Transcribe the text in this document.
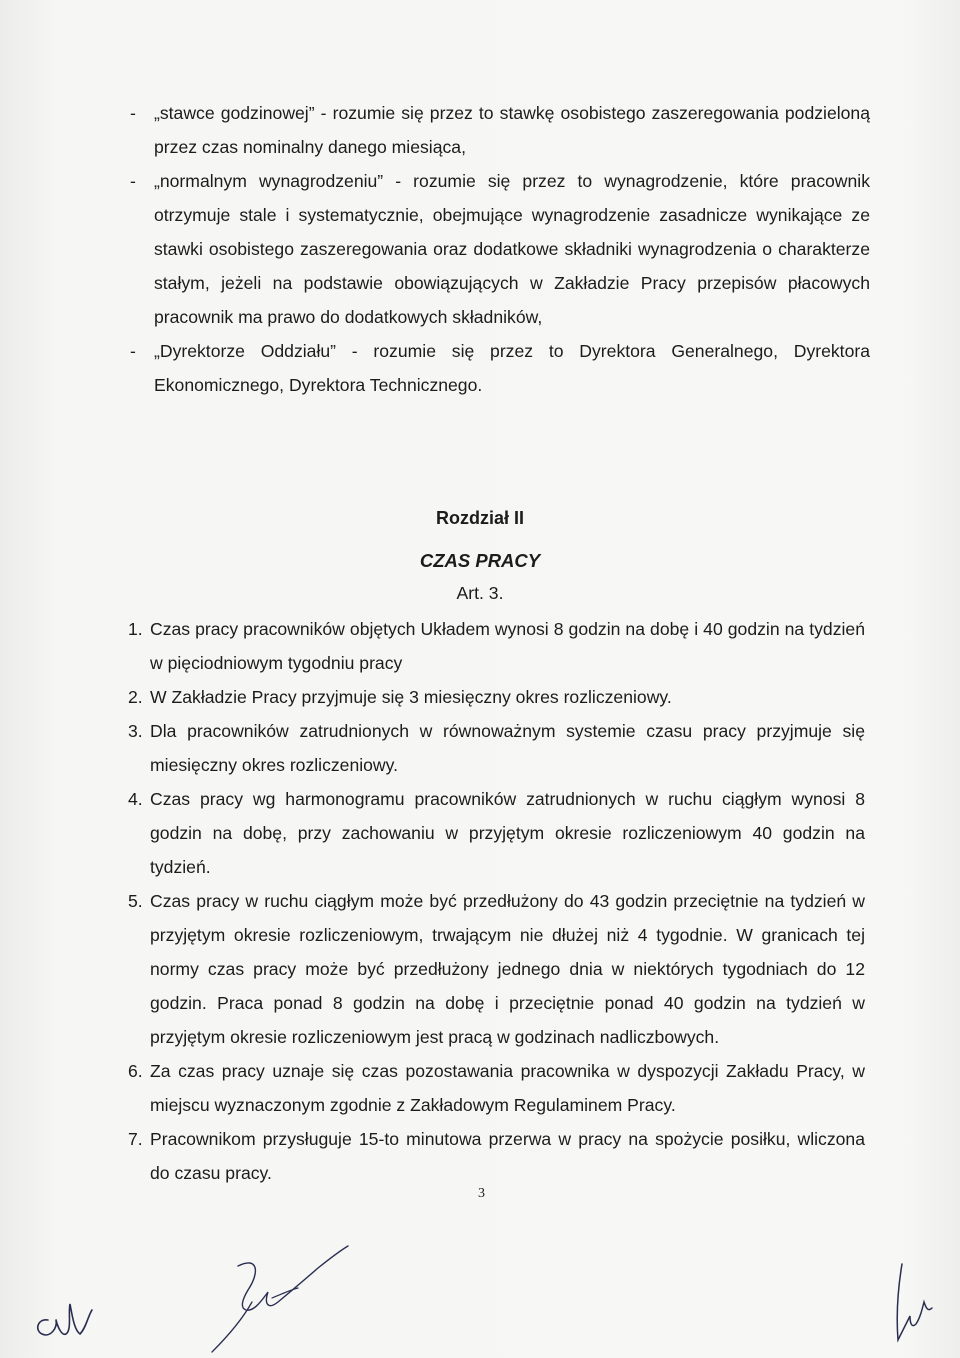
-	„stawce godzinowej” - rozumie się przez to stawkę osobistego zaszeregowania podzieloną przez czas nominalny danego miesiąca,
-	„normalnym wynagrodzeniu” - rozumie się przez to wynagrodzenie, które pracownik otrzymuje stale i systematycznie, obejmujące wynagrodzenie zasadnicze wynikające ze stawki osobistego zaszeregowania oraz dodatkowe składniki wynagrodzenia o charakterze stałym, jeżeli na podstawie obowiązujących w Zakładzie Pracy przepisów płacowych pracownik ma prawo do dodatkowych składników,
-	„Dyrektorze Oddziału” - rozumie się przez to Dyrektora Generalnego, Dyrektora Ekonomicznego, Dyrektora Technicznego.
Rozdział II
CZAS PRACY
Art. 3.
1. Czas pracy pracowników objętych Układem wynosi 8 godzin na dobę i 40 godzin na tydzień w pięciodniowym tygodniu pracy
2. W Zakładzie Pracy przyjmuje się 3 miesięczny okres rozliczeniowy.
3. Dla pracowników zatrudnionych w równoważnym systemie czasu pracy przyjmuje się miesięczny okres rozliczeniowy.
4. Czas pracy wg harmonogramu pracowników zatrudnionych w ruchu ciągłym wynosi 8 godzin na dobę, przy zachowaniu w przyjętym okresie rozliczeniowym 40 godzin na tydzień.
5. Czas pracy w ruchu ciągłym może być przedłużony do 43 godzin przeciętnie na tydzień w przyjętym okresie rozliczeniowym, trwającym nie dłużej niż 4 tygodnie. W granicach tej normy czas pracy może być przedłużony jednego dnia w niektórych tygodniach do 12 godzin. Praca ponad 8 godzin na dobę i przeciętnie ponad 40 godzin na tydzień w przyjętym okresie rozliczeniowym jest pracą w godzinach nadliczbowych.
6. Za czas pracy uznaje się czas pozostawania pracownika w dyspozycji Zakładu Pracy, w miejscu wyznaczonym zgodnie z Zakładowym Regulaminem Pracy.
7. Pracownikom przysługuje 15-to minutowa przerwa w pracy na spożycie posiłku, wliczona do czasu pracy.
3
